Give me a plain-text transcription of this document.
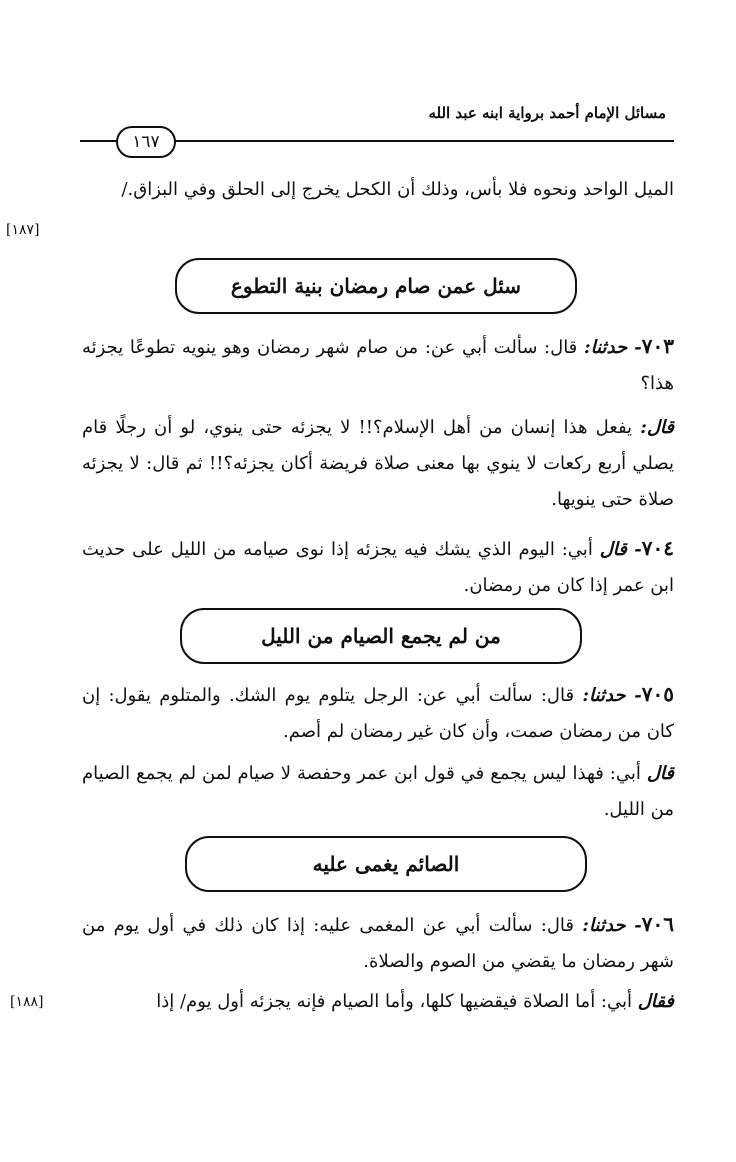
مسائل الإمام أحمد برواية ابنه عبد الله
١٦٧
الميل الواحد ونحوه فلا بأس، وذلك أن الكحل يخرج إلى الحلق وفي البزاق./
[١٨٧]
سئل عمن صام رمضان بنية التطوع
٧٠٣- حدثنا: قال: سألت أبي عن: من صام شهر رمضان وهو ينويه تطوعًا يجزئه هذا؟
قال: يفعل هذا إنسان من أهل الإسلام؟!! لا يجزئه حتى ينوي، لو أن رجلًا قام يصلي أربع ركعات لا ينوي بها معنى صلاة فريضة أكان يجزئه؟!! ثم قال: لا يجزئه صلاة حتى ينويها.
٧٠٤- قال أبي: اليوم الذي يشك فيه يجزئه إذا نوى صيامه من الليل على حديث ابن عمر إذا كان من رمضان.
من لم يجمع الصيام من الليل
٧٠٥- حدثنا: قال: سألت أبي عن: الرجل يتلوم يوم الشك. والمتلوم يقول: إن كان من رمضان صمت، وأن كان غير رمضان لم أصم.
قال أبي: فهذا ليس يجمع في قول ابن عمر وحفصة لا صيام لمن لم يجمع الصيام من الليل.
الصائم يغمى عليه
٧٠٦- حدثنا: قال: سألت أبي عن المغمى عليه: إذا كان ذلك في أول يوم من شهر رمضان ما يقضي من الصوم والصلاة.
فقال أبي: أما الصلاة فيقضيها كلها، وأما الصيام فإنه يجزئه أول يوم/ إذا
[١٨٨]
